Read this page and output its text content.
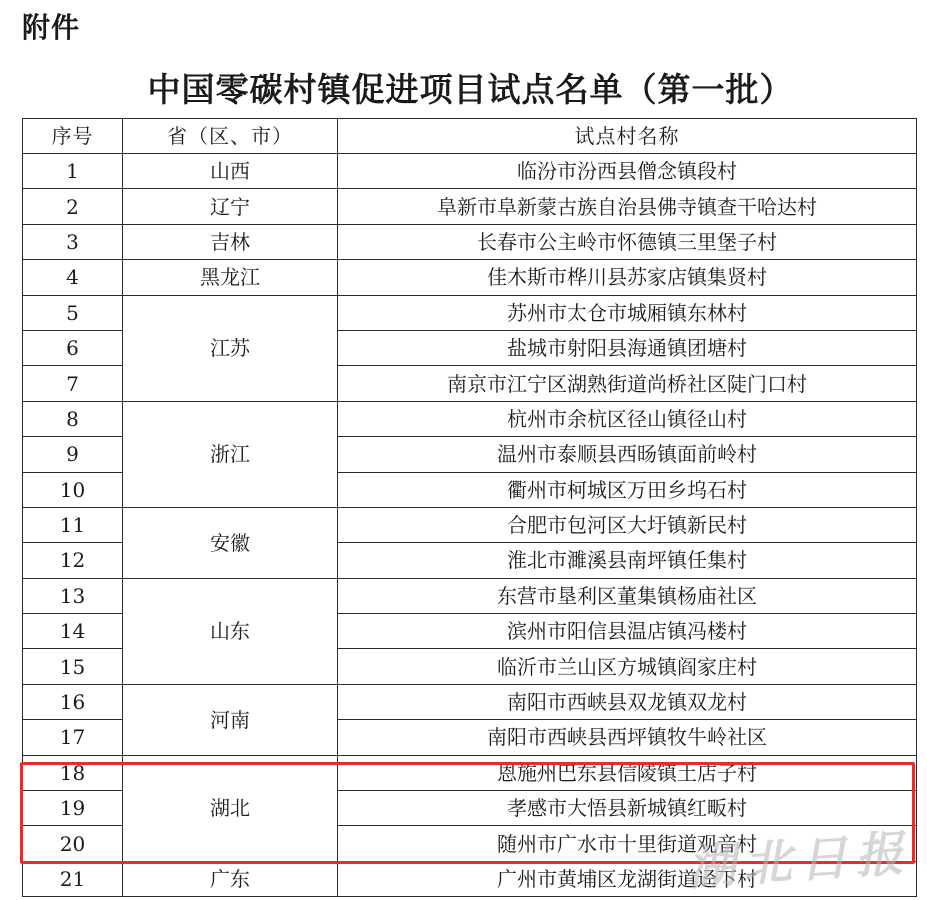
附件
中国零碳村镇促进项目试点名单（第一批）
序号	省（区、市）	试点村名称
1	山西	临汾市汾西县僧念镇段村
2	辽宁	阜新市阜新蒙古族自治县佛寺镇查干哈达村
3	吉林	长春市公主岭市怀德镇三里堡子村
4	黑龙江	佳木斯市桦川县苏家店镇集贤村
5	江苏	苏州市太仓市城厢镇东林村
6		盐城市射阳县海通镇团塘村
7		南京市江宁区湖熟街道尚桥社区陡门口村
8	浙江	杭州市余杭区径山镇径山村
9		温州市泰顺县西旸镇面前岭村
10		衢州市柯城区万田乡坞石村
11	安徽	合肥市包河区大圩镇新民村
12		淮北市濉溪县南坪镇任集村
13	山东	东营市垦利区董集镇杨庙社区
14		滨州市阳信县温店镇冯楼村
15		临沂市兰山区方城镇阎家庄村
16	河南	南阳市西峡县双龙镇双龙村
17		南阳市西峡县西坪镇牧牛岭社区
18	湖北	恩施州巴东县信陵镇土店子村
19		孝感市大悟县新城镇红畈村
20		随州市广水市十里街道观音村
21	广东	广州市黄埔区龙湖街道迳下村
湖北日报
